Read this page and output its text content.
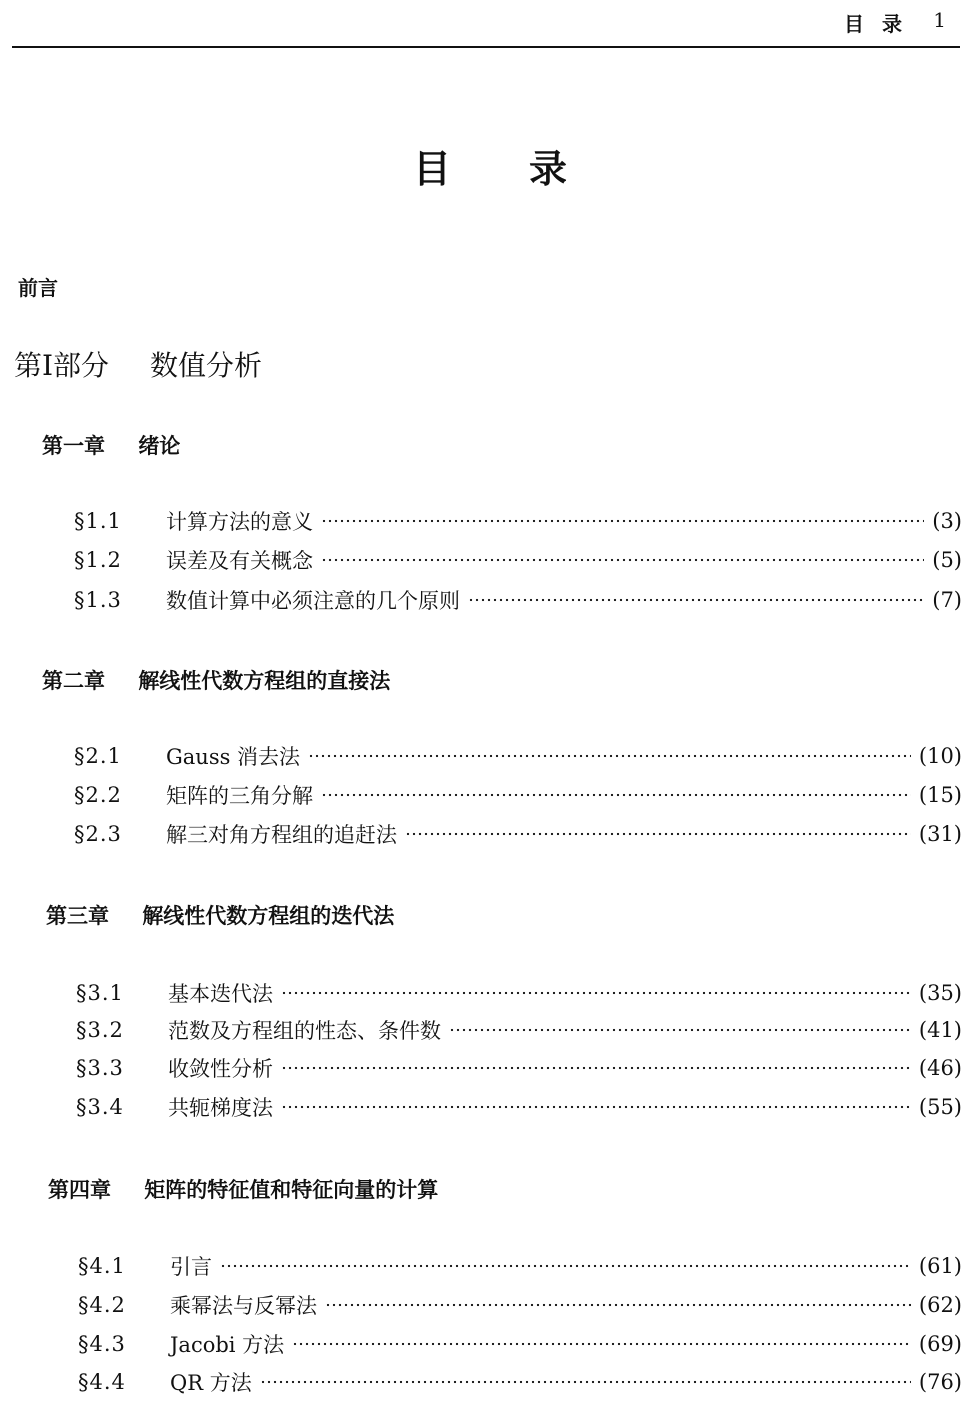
目录 1
目录
前言
第Ⅰ部分 数值分析
第一章 绪论
§1.1	计算方法的意义	(3)
§1.2	误差及有关概念	(5)
§1.3	数值计算中必须注意的几个原则	(7)
第二章 解线性代数方程组的直接法
§2.1	Gauss 消去法	(10)
§2.2	矩阵的三角分解	(15)
§2.3	解三对角方程组的追赶法	(31)
第三章 解线性代数方程组的迭代法
§3.1	基本迭代法	(35)
§3.2	范数及方程组的性态、条件数	(41)
§3.3	收敛性分析	(46)
§3.4	共轭梯度法	(55)
第四章 矩阵的特征值和特征向量的计算
§4.1	引言	(61)
§4.2	乘幂法与反幂法	(62)
§4.3	Jacobi 方法	(69)
§4.4	QR 方法	(76)
